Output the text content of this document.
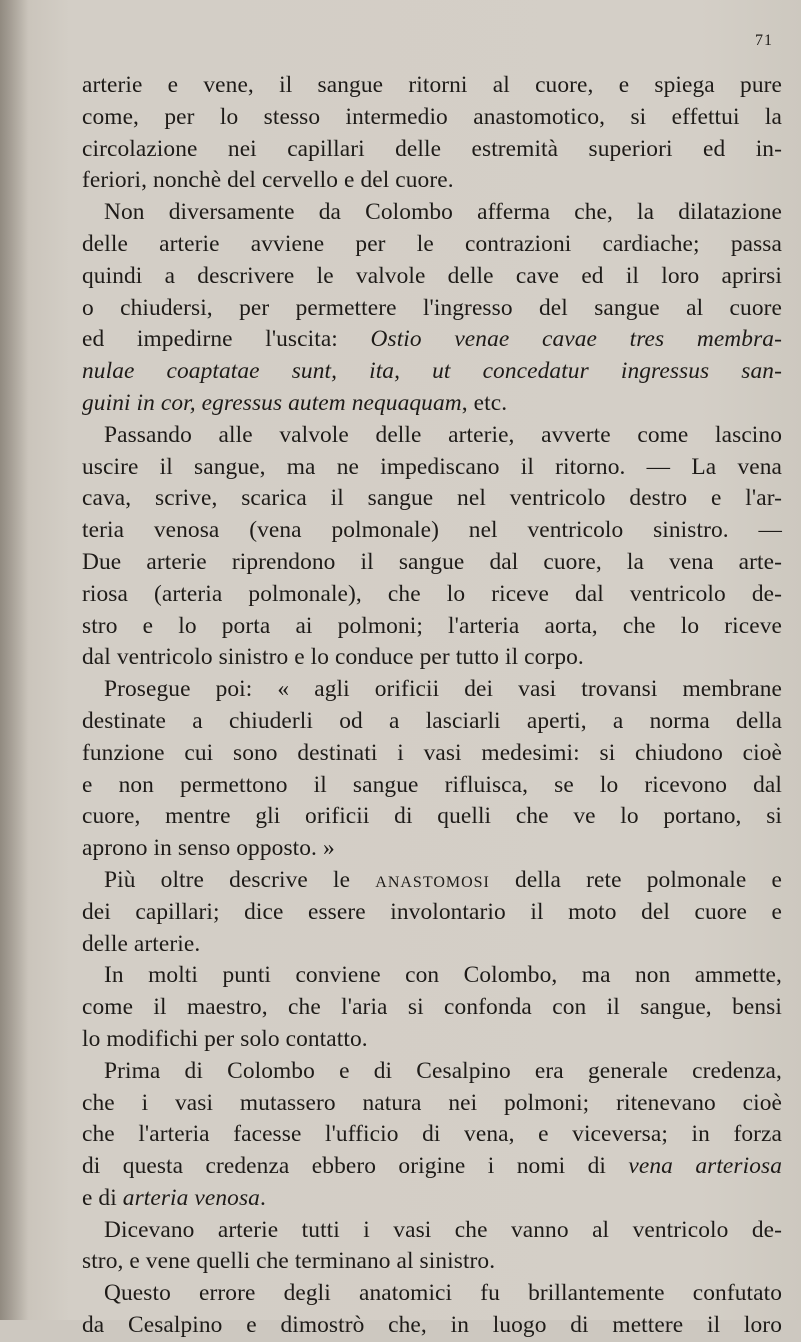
71
arterie e vene, il sangue ritorni al cuore, e spiega pure
come, per lo stesso intermedio anastomotico, si effettui la
circolazione nei capillari delle estremità superiori ed in-
feriori, nonchè del cervello e del cuore.
Non diversamente da Colombo afferma che, la dilatazione
delle arterie avviene per le contrazioni cardiache; passa
quindi a descrivere le valvole delle cave ed il loro aprirsi
o chiudersi, per permettere l'ingresso del sangue al cuore
ed impedirne l'uscita: Ostio venae cavae tres membra-
nulae coaptatae sunt, ita, ut concedatur ingressus san-
guini in cor, egressus autem nequaquam, etc.
Passando alle valvole delle arterie, avverte come lascino
uscire il sangue, ma ne impediscano il ritorno. — La vena
cava, scrive, scarica il sangue nel ventricolo destro e l'ar-
teria venosa (vena polmonale) nel ventricolo sinistro. —
Due arterie riprendono il sangue dal cuore, la vena arte-
riosa (arteria polmonale), che lo riceve dal ventricolo de-
stro e lo porta ai polmoni; l'arteria aorta, che lo riceve
dal ventricolo sinistro e lo conduce per tutto il corpo.
Prosegue poi: « agli orificii dei vasi trovansi membrane
destinate a chiuderli od a lasciarli aperti, a norma della
funzione cui sono destinati i vasi medesimi: si chiudono cioè
e non permettono il sangue rifluisca, se lo ricevono dal
cuore, mentre gli orificii di quelli che ve lo portano, si
aprono in senso opposto. »
Più oltre descrive le anastomosi della rete polmonale e
dei capillari; dice essere involontario il moto del cuore e
delle arterie.
In molti punti conviene con Colombo, ma non ammette,
come il maestro, che l'aria si confonda con il sangue, bensi
lo modifichi per solo contatto.
Prima di Colombo e di Cesalpino era generale credenza,
che i vasi mutassero natura nei polmoni; ritenevano cioè
che l'arteria facesse l'ufficio di vena, e viceversa; in forza
di questa credenza ebbero origine i nomi di vena arteriosa
e di arteria venosa.
Dicevano arterie tutti i vasi che vanno al ventricolo de-
stro, e vene quelli che terminano al sinistro.
Questo errore degli anatomici fu brillantemente confutato
da Cesalpino e dimostrò che, in luogo di mettere il loro
